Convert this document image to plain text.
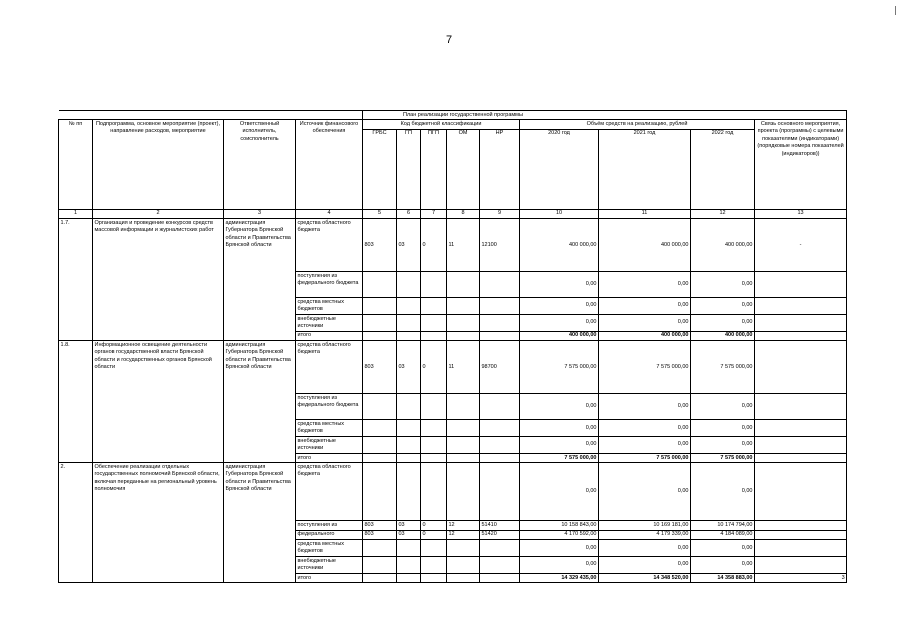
7
				План реализации государственной программы								
№ пп	Подпрограмма, основное мероприятие (проект), направление расходов, мероприятие	Ответственный исполнитель, соисполнитель	Источник финансового обеспечения	Код бюджетной классификации					Объём средств на реализацию, рублей			Связь основного мероприятия, проекта (программы) с целевыми показателями (индикаторами) (порядковые номера показателей (индикаторов))
				ГРБС	ГП	ПГП	ОМ	НР	2020 год	2021 год	2022 год	
1	2	3	4	5	6	7	8	9	10	11	12	13
1.7.	Организация и проведение конкурсов средств массовой информации и журналистских работ	администрация Губернатора Брянской области и Правительства Брянской области	средства областного бюджета	803	03	0	11	12100	400 000,00	400 000,00	400 000,00	-
			поступления из федерального бюджета						0,00	0,00	0,00	
			средства местных бюджетов						0,00	0,00	0,00	
			внебюджетные источники						0,00	0,00	0,00	
			итого						400 000,00	400 000,00	400 000,00	
1.8.	Информационное освещение деятельности органов государственной власти Брянской области и государственных органов Брянской области	администрация Губернатора Брянской области и Правительства Брянской области	средства областного бюджета	803	03	0	11	98700	7 575 000,00	7 575 000,00	7 575 000,00	
			поступления из федерального бюджета						0,00	0,00	0,00	
			средства местных бюджетов						0,00	0,00	0,00	
			внебюджетные источники						0,00	0,00	0,00	
			итого						7 575 000,00	7 575 000,00	7 575 000,00	
2.	Обеспечение реализации отдельных государственных полномочий Брянской области, включая переданные на региональный уровень полномочия	администрация Губернатора Брянской области и Правительства Брянской области	средства областного бюджета						0,00	0,00	0,00	
			поступления из	803	03	0	12	51410	10 158 843,00	10 169 181,00	10 174 794,00	
			федерального	803	03	0	12	51420	4 170 592,00	4 179 339,00	4 184 089,00	
			средства местных бюджетов						0,00	0,00	0,00	
			внебюджетные источники						0,00	0,00	0,00	
			итого						14 329 435,00	14 348 520,00	14 358 883,00	3
